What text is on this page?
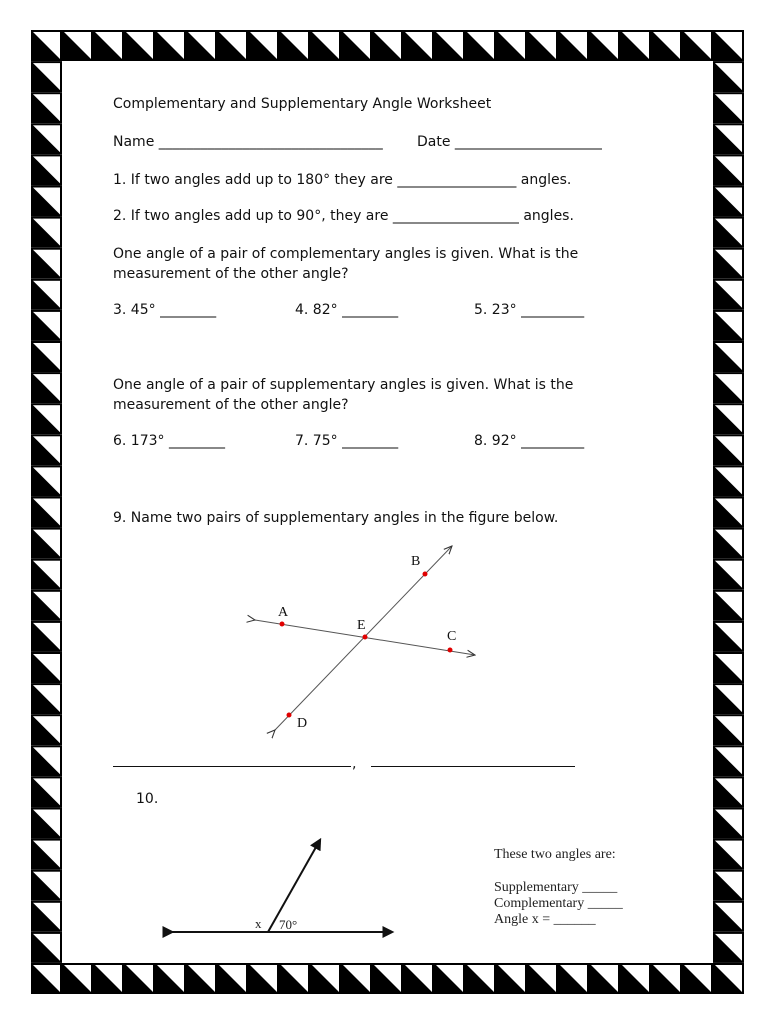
Complementary and Supplementary Angle Worksheet
Name ________________________________ Date _____________________
1. If two angles add up to 180° they are _________________ angles.
2. If two angles add up to 90°, they are __________________ angles.
One angle of a pair of complementary angles is given. What is the measurement of the other angle?
3. 45° ________	4. 82° ________	5. 23° _________
One angle of a pair of supplementary angles is given. What is the measurement of the other angle?
6. 173° ________	7. 75° ________	8. 92° _________
9. Name two pairs of supplementary angles in the figure below.
A
B
C
D
E
,
10.
x 70°
These two angles are:
Supplementary _____
Complementary _____
Angle x = ______
